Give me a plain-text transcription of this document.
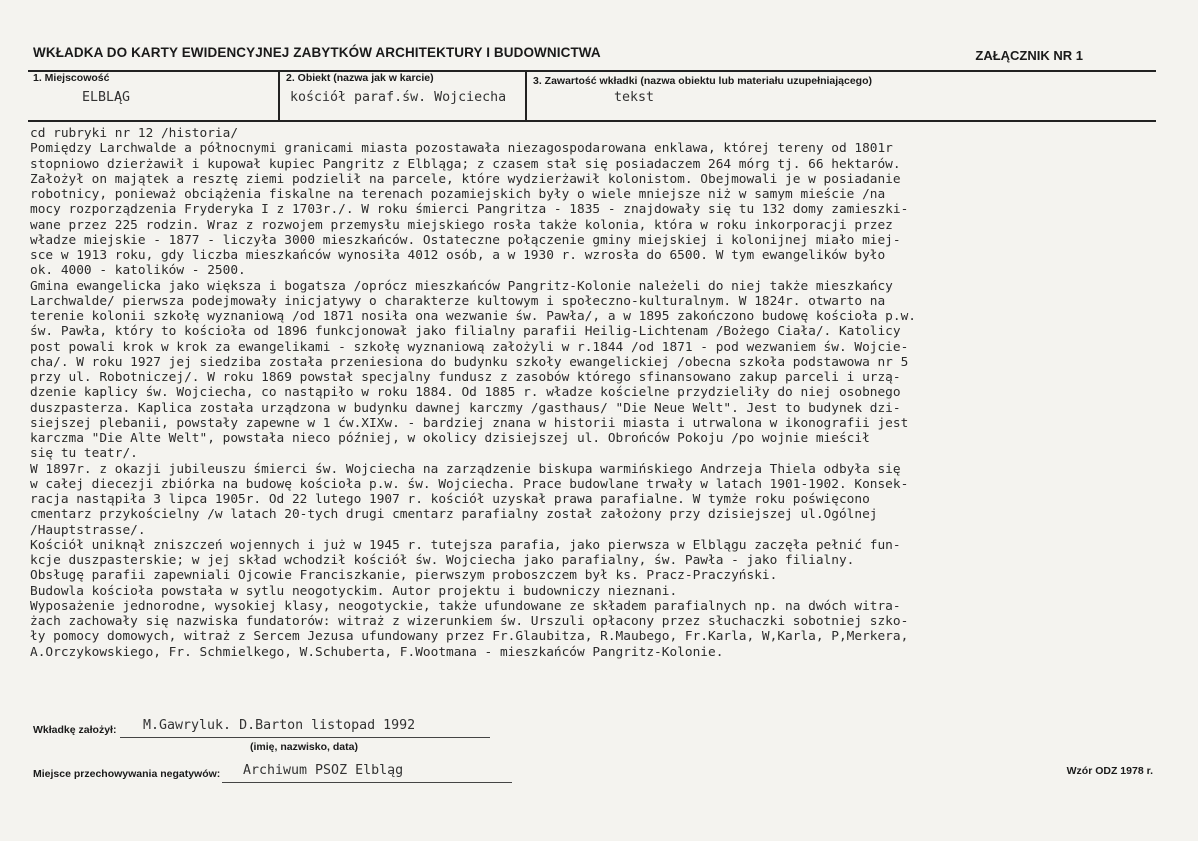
WKŁADKA DO KARTY EWIDENCYJNEJ ZABYTKÓW ARCHITEKTURY I BUDOWNICTWA	ZAŁĄCZNIK NR 1
1. Miejscowość
ELBLĄG
2. Obiekt (nazwa jak w karcie)
kościół paraf.św. Wojciecha
3. Zawartość wkładki (nazwa obiektu lub materiału uzupełniającego)
tekst
cd rubryki nr 12 /historia/
Pomiędzy Larchwalde a północnymi granicami miasta pozostawała niezagospodarowana enklawa, której tereny od 1801r
stopniowo dzierżawił i kupował kupiec Pangritz z Elbląga; z czasem stał się posiadaczem 264 mórg tj. 66 hektarów.
Założył on majątek a resztę ziemi podzielił na parcele, które wydzierżawił kolonistom. Obejmowali je w posiadanie
robotnicy, ponieważ obciążenia fiskalne na terenach pozamiejskich były o wiele mniejsze niż w samym mieście /na
mocy rozporządzenia Fryderyka I z 1703r./. W roku śmierci Pangritza - 1835 - znajdowały się tu 132 domy zamieszki-
wane przez 225 rodzin. Wraz z rozwojem przemysłu miejskiego rosła także kolonia, która w roku inkorporacji przez
władze miejskie - 1877 - liczyła 3000 mieszkańców. Ostateczne połączenie gminy miejskiej i kolonijnej miało miej-
sce w 1913 roku, gdy liczba mieszkańców wynosiła 4012 osób, a w 1930 r. wzrosła do 6500. W tym ewangelików było
ok. 4000 - katolików - 2500.
Gmina ewangelicka jako większa i bogatsza /oprócz mieszkańców Pangritz-Kolonie należeli do niej także mieszkańcy
Larchwalde/ pierwsza podejmowały inicjatywy o charakterze kultowym i społeczno-kulturalnym. W 1824r. otwarto na
terenie kolonii szkołę wyznaniową /od 1871 nosiła ona wezwanie św. Pawła/, a w 1895 zakończono budowę kościoła p.w.
św. Pawła, który to kościoła od 1896 funkcjonował jako filialny parafii Heilig-Lichtenam /Bożego Ciała/. Katolicy
post powali krok w krok za ewangelikami - szkołę wyznaniową założyli w r.1844 /od 1871 - pod wezwaniem św. Wojcie-
cha/. W roku 1927 jej siedziba została przeniesiona do budynku szkoły ewangelickiej /obecna szkoła podstawowa nr 5
przy ul. Robotniczej/. W roku 1869 powstał specjalny fundusz z zasobów którego sfinansowano zakup parceli i urzą-
dzenie kaplicy św. Wojciecha, co nastąpiło w roku 1884. Od 1885 r. władze kościelne przydzieliły do niej osobnego
duszpasterza. Kaplica została urządzona w budynku dawnej karczmy /gasthaus/ "Die Neue Welt". Jest to budynek dzi-
siejszej plebanii, powstały zapewne w 1 ćw.XIXw. - bardziej znana w historii miasta i utrwalona w ikonografii jest
karczma "Die Alte Welt", powstała nieco później, w okolicy dzisiejszej ul. Obrońców Pokoju /po wojnie mieścił
się tu teatr/.
W 1897r. z okazji jubileuszu śmierci św. Wojciecha na zarządzenie biskupa warmińskiego Andrzeja Thiela odbyła się
w całej diecezji zbiórka na budowę kościoła p.w. św. Wojciecha. Prace budowlane trwały w latach 1901-1902. Konsek-
racja nastąpiła 3 lipca 1905r. Od 22 lutego 1907 r. kościół uzyskał prawa parafialne. W tymże roku poświęcono
cmentarz przykościelny /w latach 20-tych drugi cmentarz parafialny został założony przy dzisiejszej ul.Ogólnej
/Hauptstrasse/.
Kościół uniknął zniszczeń wojennych i już w 1945 r. tutejsza parafia, jako pierwsza w Elblągu zaczęła pełnić fun-
kcje duszpasterskie; w jej skład wchodził kościół św. Wojciecha jako parafialny, św. Pawła - jako filialny.
Obsługę parafii zapewniali Ojcowie Franciszkanie, pierwszym proboszczem był ks. Pracz-Praczyński.
Budowla kościoła powstała w sytlu neogotyckim. Autor projektu i budowniczy nieznani.
Wyposażenie jednorodne, wysokiej klasy, neogotyckie, także ufundowane ze składem parafialnych np. na dwóch witra-
żach zachowały się nazwiska fundatorów: witraż z wizerunkiem św. Urszuli opłacony przez słuchaczki sobotniej szko-
ły pomocy domowych, witraż z Sercem Jezusa ufundowany przez Fr.Glaubitza, R.Maubego, Fr.Karla, W,Karla, P,Merkera,
A.Orczykowskiego, Fr. Schmielkego, W.Schuberta, F.Wootmana - mieszkańców Pangritz-Kolonie.
Wkładkę założył: M.Gawryluk. D.Barton listopad 1992
(imię, nazwisko, data)
Miejsce przechowywania negatywów: Archiwum PSOZ Elbląg	Wzór ODZ 1978 r.
